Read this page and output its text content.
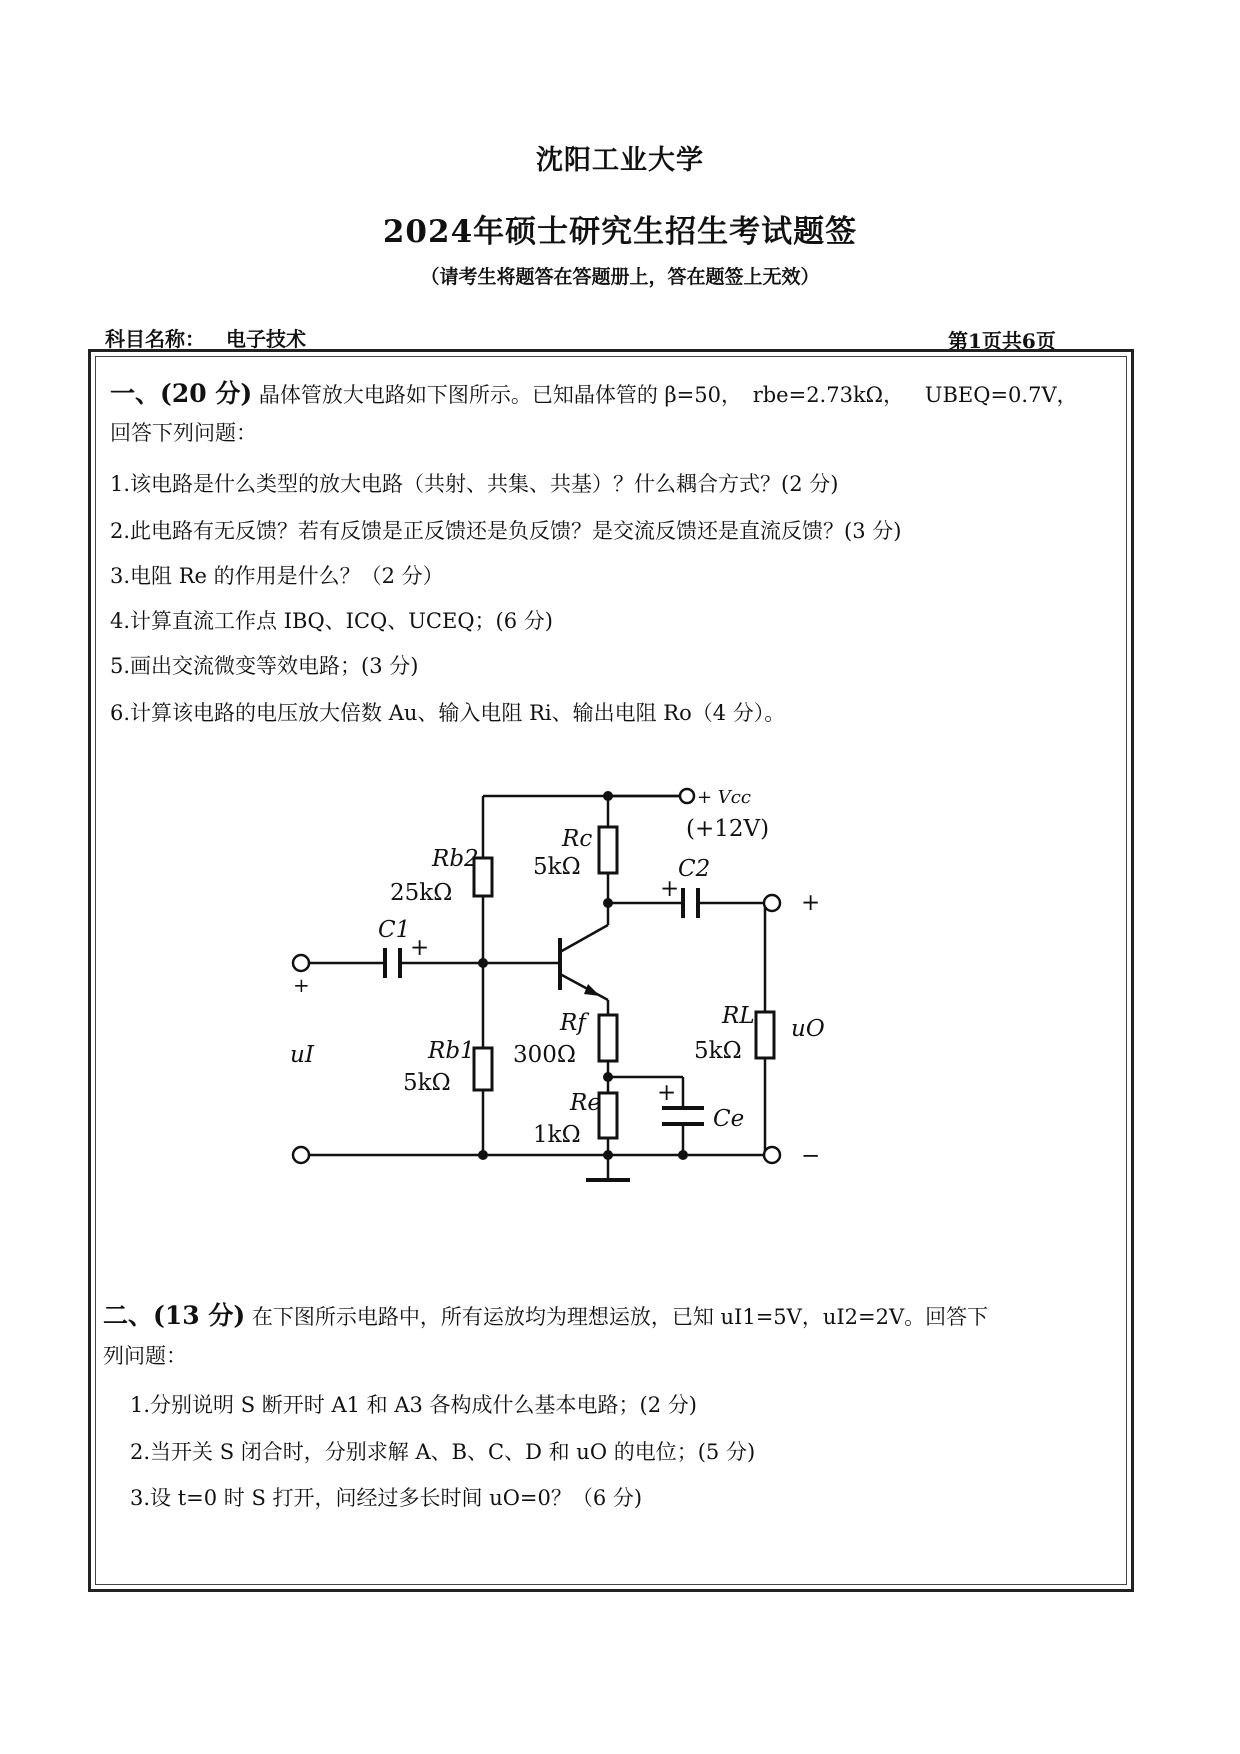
沈阳工业大学
2024年硕士研究生招生考试题签
（请考生将题答在答题册上，答在题签上无效）
科目名称： 电子技术	第1页共6页
一、(20 分) 晶体管放大电路如下图所示。已知晶体管的 β=50， rbe=2.73kΩ， UBEQ=0.7V，
回答下列问题：
1.该电路是什么类型的放大电路（共射、共集、共基）？什么耦合方式？(2 分)
2.此电路有无反馈？若有反馈是正反馈还是负反馈？是交流反馈还是直流反馈？(3 分)
3.电阻 Re 的作用是什么？（2 分）
4.计算直流工作点 IBQ、ICQ、UCEQ；(6 分)
5.画出交流微变等效电路；(3 分)
6.计算该电路的电压放大倍数 Au、输入电阻 Ri、输出电阻 Ro（4 分）。
+ Vcc
(+12V)
Rb2
25kΩ
Rc
5kΩ	C2
+
C1
+
+
uI
Rf
300Ω
Rb1
5kΩ
Re
1kΩ
+
Ce
RL
5kΩ
uO
+
−
二、(13 分) 在下图所示电路中，所有运放均为理想运放，已知 uI1=5V，uI2=2V。回答下
列问题：
1.分别说明 S 断开时 A1 和 A3 各构成什么基本电路；(2 分)
2.当开关 S 闭合时，分别求解 A、B、C、D 和 uO 的电位；(5 分)
3.设 t=0 时 S 打开，问经过多长时间 uO=0？（6 分)
